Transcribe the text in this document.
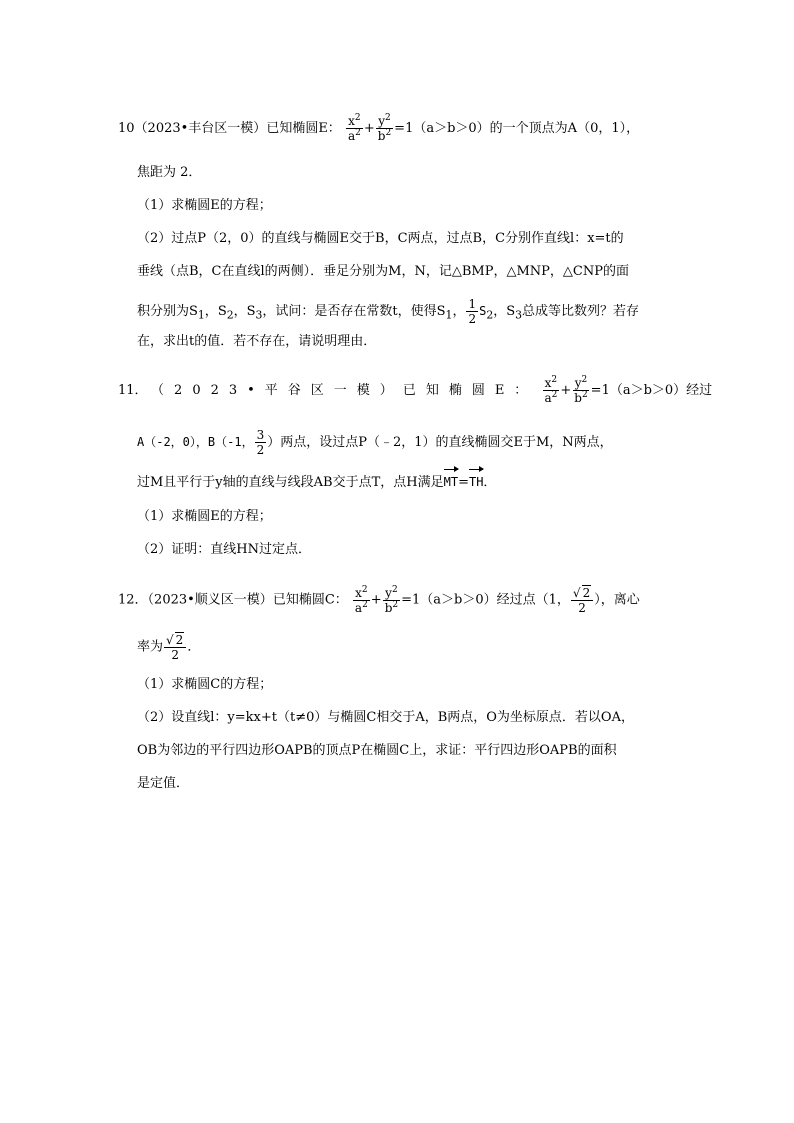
10（2023•丰台区一模）已知椭圆E： $\frac{x^2}{a^2} + \frac{y^2}{b^2} =1(a>b>0)$的一个顶点为A（0，1），
焦距为 2．
（1）求椭圆E的方程；
（2）过点P（2，0）的直线与椭圆E交于B，C两点，过点B，C分别作直线l：x=t的
垂线（点B，C在直线l的两侧）．垂足分别为M，N，记△BMP，△MNP，△CNP的面
积分别为$S_1$，$S_2$，$S_3$，试问：是否存在常数t，使得$S_1$， $\frac{1}{2} S_2$，$S_3$总成等比数列？若存
在，求出t的值．若不存在，请说明理由．
11．（2023•平谷区一模）已知椭圆E： $\frac{x^2}{a^2} + \frac{y^2}{b^2} =1(a>b>0)$经过
A（-2，0），B（-1， $\frac{3}{2}$ ）两点，设过点P（﹣2，1）的直线椭圆交E于M，N两点，
过M且平行于y轴的直线与线段AB交于点T，点H满足MT=TH．
（1）求椭圆E的方程；
（2）证明：直线HN过定点．
12．（2023•顺义区一模）已知椭圆C： $\frac{x^2}{a^2} + \frac{y^2}{b^2} =1(a>b>0)$经过点（1， $\frac{√ 2}{2}$ ），离心
率为 $\frac{√ 2}{2}$ ．
（1）求椭圆C的方程；
（2）设直线l：y=kx+t（t≠0）与椭圆C相交于A，B两点，O为坐标原点．若以OA，
OB为邻边的平行四边形OAPB的顶点P在椭圆C上，求证：平行四边形OAPB的面积
是定值．
